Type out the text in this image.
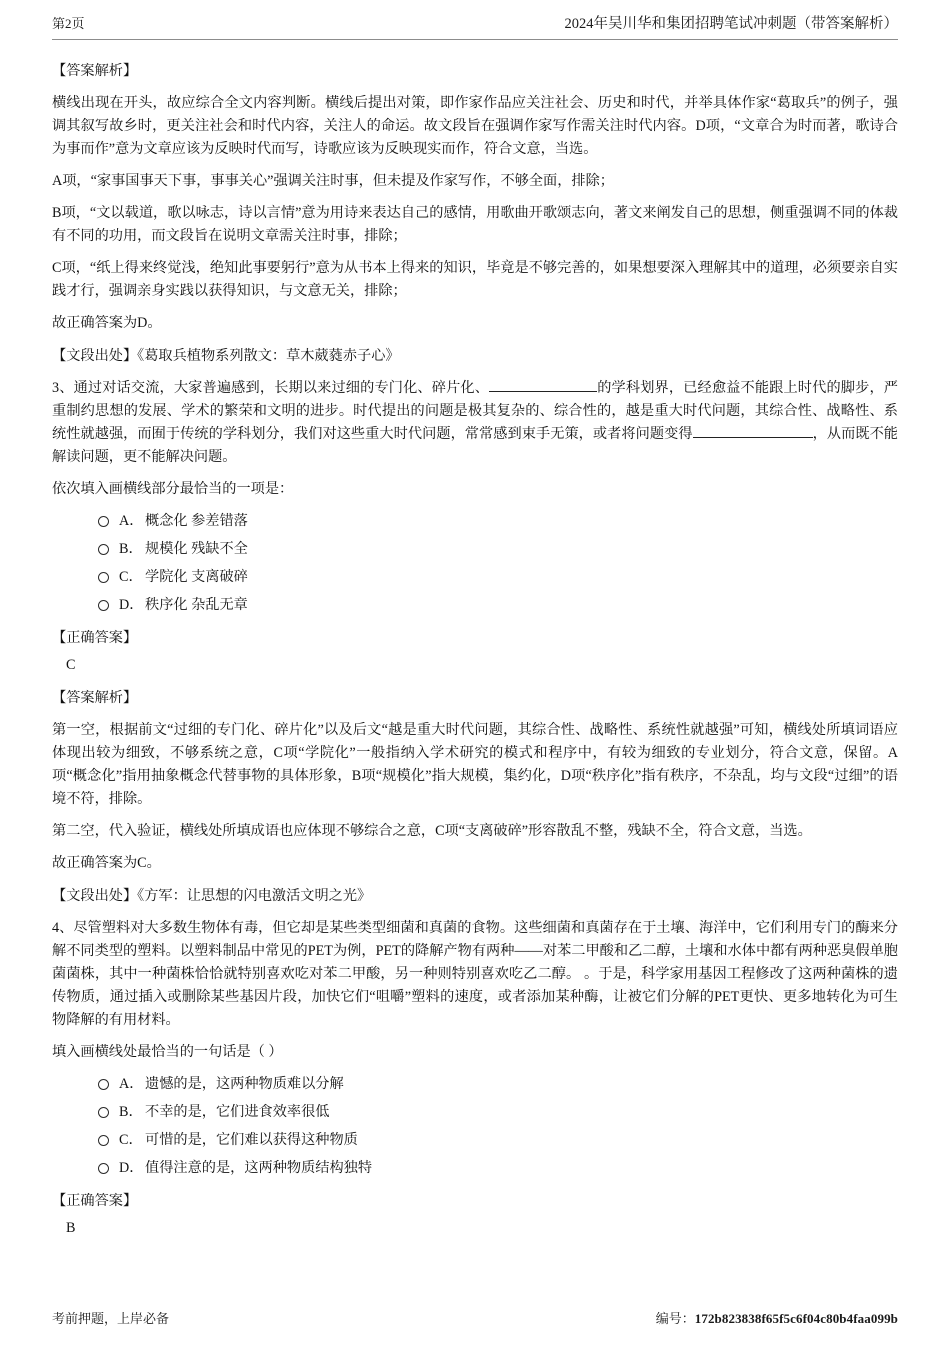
第2页	2024年吴川华和集团招聘笔试冲刺题（带答案解析）
【答案解析】

横线出现在开头，故应综合全文内容判断。横线后提出对策，即作家作品应关注社会、历史和时代，并举具体作家“葛取兵”的例子，强调其叙写故乡时，更关注社会和时代内容，关注人的命运。故文段旨在强调作家写作需关注时代内容。D项，“文章合为时而著，歌诗合为事而作”意为文章应该为反映时代而写，诗歌应该为反映现实而作，符合文意，当选。

A项，“家事国事天下事，事事关心”强调关注时事，但未提及作家写作，不够全面，排除；

B项，“文以载道，歌以咏志，诗以言情”意为用诗来表达自己的感情，用歌曲开歌颂志向，著文来阐发自己的思想，侧重强调不同的体裁有不同的功用，而文段旨在说明文章需关注时事，排除；

C项，“纸上得来终觉浅，绝知此事要躬行”意为从书本上得来的知识，毕竟是不够完善的，如果想要深入理解其中的道理，必须要亲自实践才行，强调亲身实践以获得知识，与文意无关，排除；

故正确答案为D。

【文段出处】《葛取兵植物系列散文：草木葳蕤赤子心》

3、通过对话交流，大家普遍感到，长期以来过细的专门化、碎片化、	的学科划界，已经愈益不能跟上时代的脚步，严重制约思想的发展、学术的繁荣和文明的进步。时代提出的问题是极其复杂的、综合性的，越是重大时代问题，其综合性、战略性、系统性就越强，而囿于传统的学科划分，我们对这些重大时代问题，常常感到束手无策，或者将问题变得	，从而既不能解读问题，更不能解决问题。

依次填入画横线部分最恰当的一项是：

A． 概念化 参差错落
B． 规模化 残缺不全
C． 学院化 支离破碎
D． 秩序化 杂乱无章
【正确答案】
C
【答案解析】

第一空，根据前文“过细的专门化、碎片化”以及后文“越是重大时代问题，其综合性、战略性、系统性就越强”可知，横线处所填词语应体现出较为细致，不够系统之意，C项“学院化”一般指纳入学术研究的模式和程序中，有较为细致的专业划分，符合文意，保留。A项“概念化”指用抽象概念代替事物的具体形象，B项“规模化”指大规模，集约化，D项“秩序化”指有秩序，不杂乱，均与文段“过细”的语境不符，排除。

第二空，代入验证，横线处所填成语也应体现不够综合之意，C项“支离破碎”形容散乱不整，残缺不全，符合文意，当选。

故正确答案为C。

【文段出处】《方军：让思想的闪电激活文明之光》

4、尽管塑料对大多数生物体有毒，但它却是某些类型细菌和真菌的食物。这些细菌和真菌存在于土壤、海洋中，它们利用专门的酶来分解不同类型的塑料。以塑料制品中常见的PET为例，PET的降解产物有两种——对苯二甲酸和乙二醇，土壤和水体中都有两种恶臭假单胞菌菌株，其中一种菌株恰恰就特别喜欢吃对苯二甲酸，另一种则特别喜欢吃乙二醇。 。于是，科学家用基因工程修改了这两种菌株的遗传物质，通过插入或删除某些基因片段，加快它们“咀嚼”塑料的速度，或者添加某种酶，让被它们分解的PET更快、更多地转化为可生物降解的有用材料。

填入画横线处最恰当的一句话是（ ）

A． 遗憾的是，这两种物质难以分解
B． 不幸的是，它们进食效率很低
C． 可惜的是，它们难以获得这种物质
D． 值得注意的是，这两种物质结构独特
【正确答案】
B
考前押题，上岸必备	编号：172b823838f65f5c6f04c80b4faa099b
